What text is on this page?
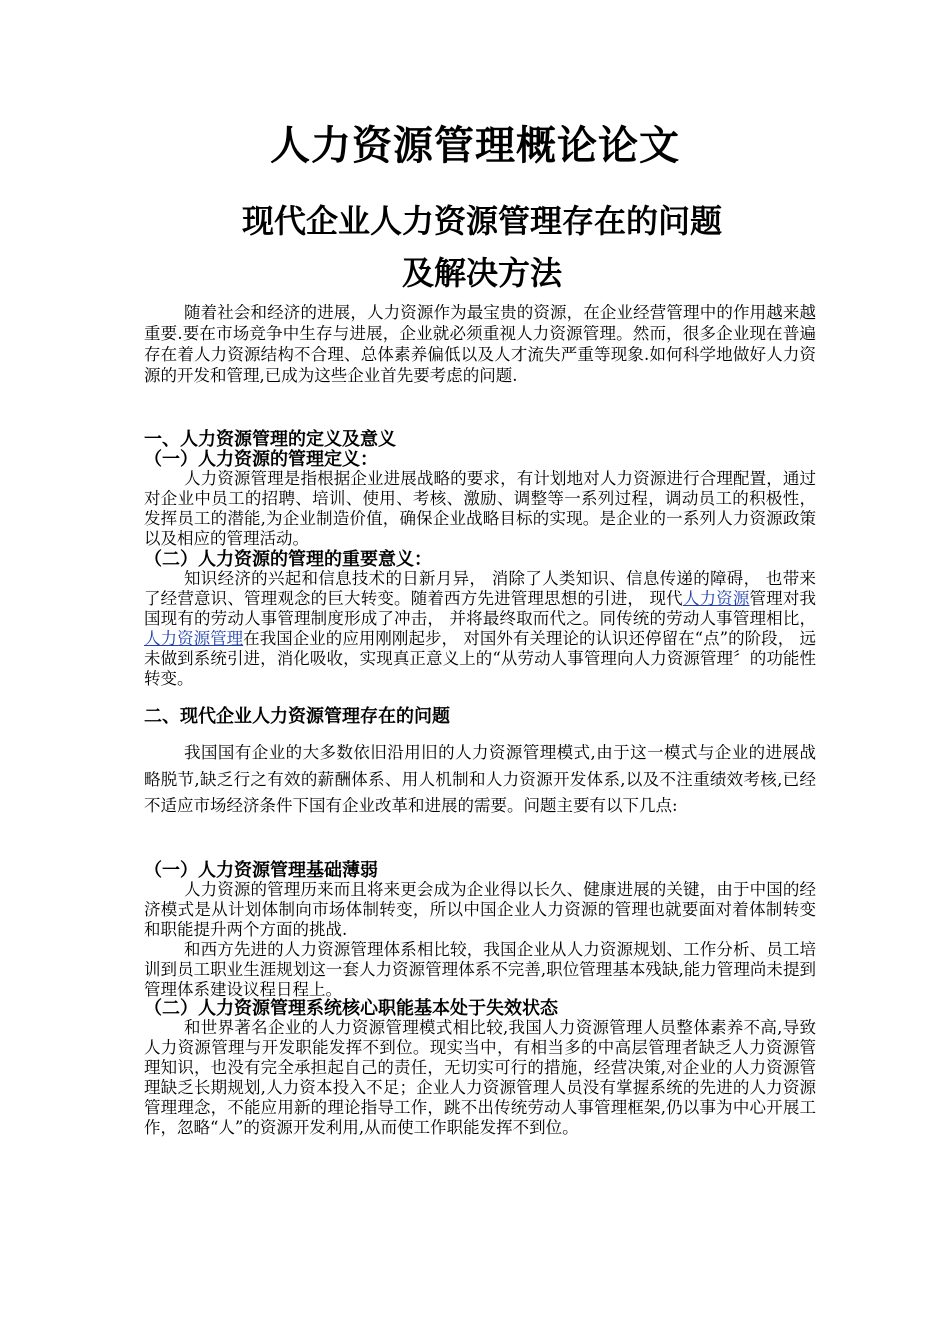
人力资源管理概论论文
现代企业人力资源管理存在的问题
及解决方法

随着社会和经济的进展，人力资源作为最宝贵的资源，在企业经营管理中的作用越来越重要.要在市场竞争中生存与进展，企业就必须重视人力资源管理。然而，很多企业现在普遍存在着人力资源结构不合理、总体素养偏低以及人才流失严重等现象.如何科学地做好人力资源的开发和管理,已成为这些企业首先要考虑的问题.

一、人力资源管理的定义及意义
（一）人力资源的管理定义：

人力资源管理是指根据企业进展战略的要求，有计划地对人力资源进行合理配置，通过对企业中员工的招聘、培训、使用、考核、激励、调整等一系列过程，调动员工的积极性，发挥员工的潜能,为企业制造价值，确保企业战略目标的实现。是企业的一系列人力资源政策以及相应的管理活动。

（二）人力资源的管理的重要意义：

知识经济的兴起和信息技术的日新月异， 消除了人类知识、信息传递的障碍， 也带来了经营意识、管理观念的巨大转变。随着西方先进管理思想的引进， 现代人力资源管理对我国现有的劳动人事管理制度形成了冲击， 并将最终取而代之。同传统的劳动人事管理相比， 人力资源管理在我国企业的应用刚刚起步， 对国外有关理论的认识还停留在“点”的阶段， 远未做到系统引进，消化吸收，实现真正意义上的“从劳动人事管理向人力资源管理〞的功能性转变。

二、现代企业人力资源管理存在的问题

我国国有企业的大多数依旧沿用旧的人力资源管理模式,由于这一模式与企业的进展战略脱节,缺乏行之有效的薪酬体系、用人机制和人力资源开发体系,以及不注重绩效考核,已经不适应市场经济条件下国有企业改革和进展的需要。问题主要有以下几点:

（一）人力资源管理基础薄弱

人力资源的管理历来而且将来更会成为企业得以长久、健康进展的关键，由于中国的经济模式是从计划体制向市场体制转变，所以中国企业人力资源的管理也就要面对着体制转变和职能提升两个方面的挑战.

和西方先进的人力资源管理体系相比较，我国企业从人力资源规划、工作分析、员工培训到员工职业生涯规划这一套人力资源管理体系不完善,职位管理基本残缺,能力管理尚未提到管理体系建设议程日程上。

（二）人力资源管理系统核心职能基本处于失效状态

和世界著名企业的人力资源管理模式相比较,我国人力资源管理人员整体素养不高,导致人力资源管理与开发职能发挥不到位。现实当中，有相当多的中高层管理者缺乏人力资源管理知识，也没有完全承担起自己的责任，无切实可行的措施，经营决策,对企业的人力资源管理缺乏长期规划,人力资本投入不足；企业人力资源管理人员没有掌握系统的先进的人力资源管理理念，不能应用新的理论指导工作，跳不出传统劳动人事管理框架,仍以事为中心开展工作，忽略“人”的资源开发利用,从而使工作职能发挥不到位。
